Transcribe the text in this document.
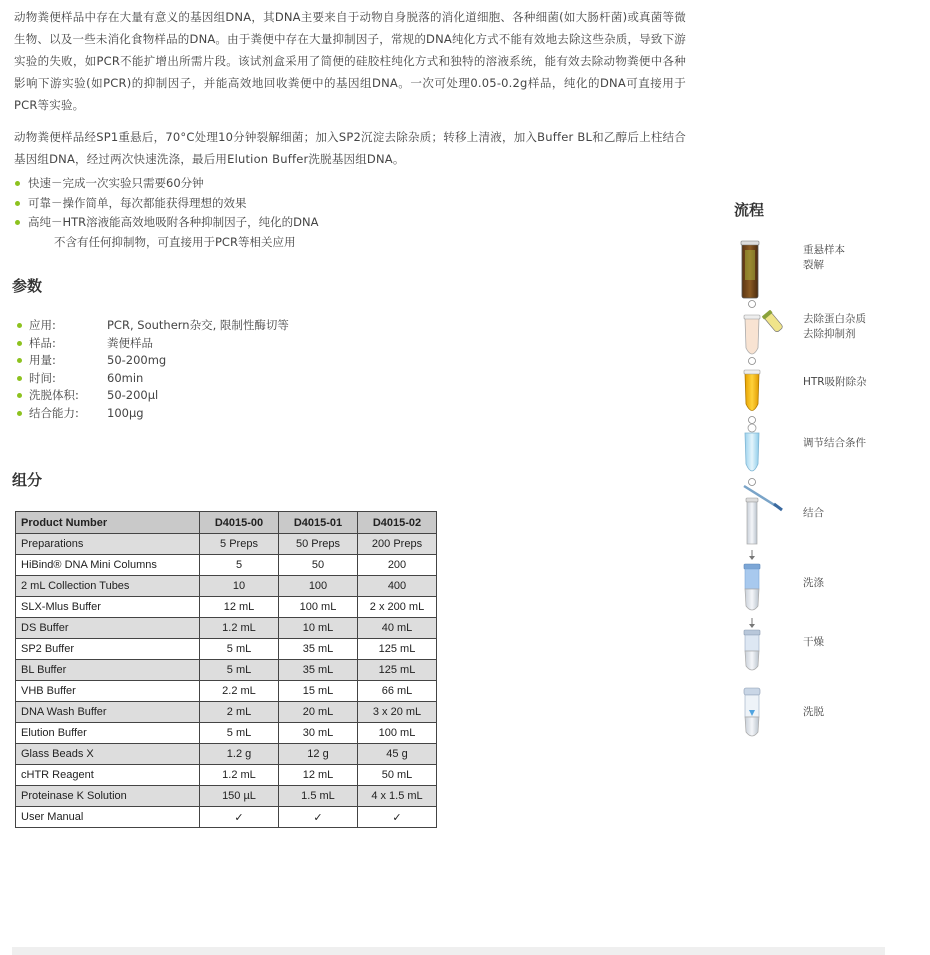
动物粪便样品中存在大量有意义的基因组DNA，其DNA主要来自于动物自身脱落的消化道细胞、各种细菌(如大肠杆菌)或真菌等微生物、以及一些未消化食物样品的DNA。由于粪便中存在大量抑制因子，常规的DNA纯化方式不能有效地去除这些杂质，导致下游实验的失败，如PCR不能扩增出所需片段。该试剂盒采用了简便的硅胶柱纯化方式和独特的溶液系统，能有效去除动物粪便中各种影响下游实验(如PCR)的抑制因子，并能高效地回收粪便中的基因组DNA。一次可处理0.05-0.2g样品，纯化的DNA可直接用于PCR等实验。
动物粪便样品经SP1重悬后，70°C处理10分钟裂解细菌；加入SP2沉淀去除杂质；转移上清液，加入Buffer BL和乙醇后上柱结合基因组DNA，经过两次快速洗涤，最后用Elution Buffer洗脱基因组DNA。
快速－完成一次实验只需要60分钟
可靠－操作简单，每次都能获得理想的效果
高纯－HTR溶液能高效地吸附各种抑制因子，纯化的DNA
不含有任何抑制物，可直接用于PCR等相关应用
参数
应用:	PCR, Southern杂交, 限制性酶切等
样品:	粪便样品
用量:	50-200mg
时间:	60min
洗脱体积: 50-200µl
结合能力: 100µg
组分
Product Number	D4015-00	D4015-01	D4015-02
Preparations	5 Preps	50 Preps	200 Preps
HiBind® DNA Mini Columns	5	50	200
2 mL Collection Tubes	10	100	400
SLX-Mlus Buffer	12 mL	100 mL	2 x 200 mL
DS Buffer	1.2 mL	10 mL	40 mL
SP2 Buffer	5 mL	35 mL	125 mL
BL Buffer	5 mL	35 mL	125 mL
VHB Buffer	2.2 mL	15 mL	66 mL
DNA Wash Buffer	2 mL	20 mL	3 x 20 mL
Elution Buffer	5 mL	30 mL	100 mL
Glass Beads X	1.2 g	12 g	45 g
cHTR Reagent	1.2 mL	12 mL	50 mL
Proteinase K Solution	150 µL	1.5 mL	4 x 1.5 mL
User Manual	✓	✓	✓
流程
重悬样本
裂解
去除蛋白杂质
去除抑制剂
HTR吸附除杂
调节结合条件
结合
洗涤
干燥
洗脱
